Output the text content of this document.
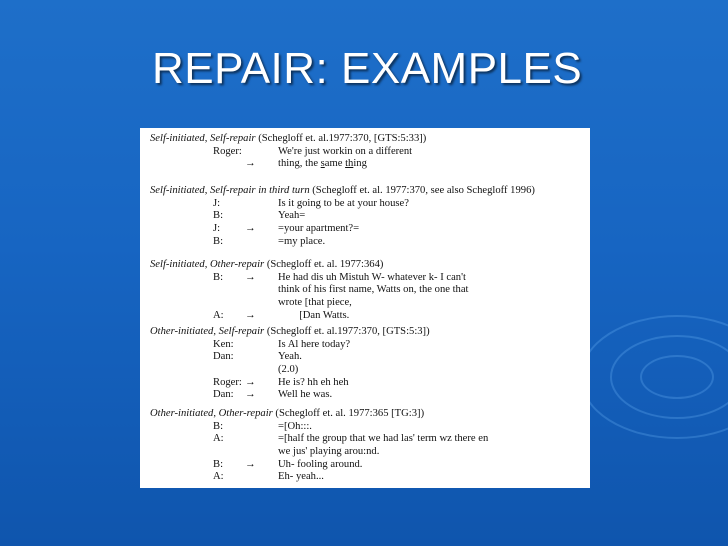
REPAIR: EXAMPLES
Self-initiated, Self-repair (Schegloff et. al.1977:370, [GTS:5:33])
Roger:	We're just workin on a different
→ thing, the same thing
Self-initiated, Self-repair in third turn (Schegloff et. al. 1977:370, see also Schegloff 1996)
J:	Is it going to be at your house?
B:	Yeah=
J: → =your apartment?=
B:	=my place.
Self-initiated, Other-repair (Schegloff et. al. 1977:364)
B: → He had dis uh Mistuh W- whatever k- I can't
think of his first name, Watts on, the one that
wrote [that piece,
A: → [Dan Watts.
Other-initiated, Self-repair (Schegloff et. al.1977:370, [GTS:5:3])
Ken:	Is Al here today?
Dan:	Yeah.
(2.0)
Roger: → He is? hh eh heh
Dan: → Well he was.
Other-initiated, Other-repair (Schegloff et. al. 1977:365 [TG:3])
B:	=[Oh:::.
A:	=[half the group that we had las' term wz there en
we jus' playing arou:nd.
B: → Uh- fooling around.
A:	Eh- yeah...
